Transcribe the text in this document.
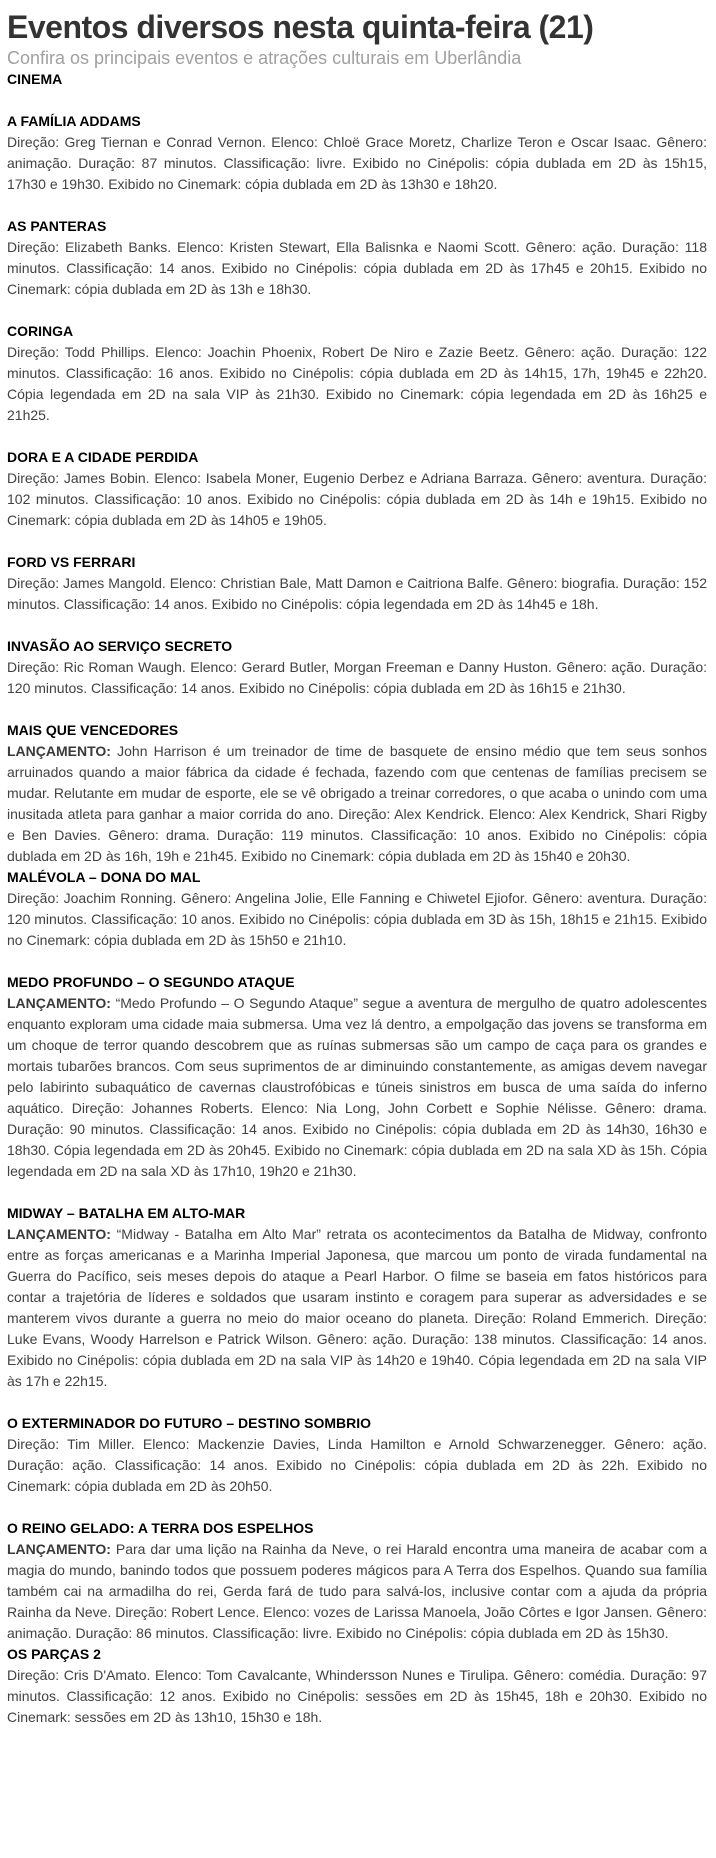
Eventos diversos nesta quinta-feira (21)

Confira os principais eventos e atrações culturais em Uberlândia

CINEMA
A FAMÍLIA ADDAMS

Direção: Greg Tiernan e Conrad Vernon. Elenco: Chloë Grace Moretz, Charlize Teron e Oscar Isaac. Gênero: animação. Duração: 87 minutos. Classificação: livre. Exibido no Cinépolis: cópia dublada em 2D às 15h15, 17h30 e 19h30. Exibido no Cinemark: cópia dublada em 2D às 13h30 e 18h20.

AS PANTERAS

Direção: Elizabeth Banks. Elenco: Kristen Stewart, Ella Balisnka e Naomi Scott. Gênero: ação. Duração: 118 minutos. Classificação: 14 anos. Exibido no Cinépolis: cópia dublada em 2D às 17h45 e 20h15. Exibido no Cinemark: cópia dublada em 2D às 13h e 18h30.

CORINGA

Direção: Todd Phillips. Elenco: Joachin Phoenix, Robert De Niro e Zazie Beetz. Gênero: ação. Duração: 122 minutos. Classificação: 16 anos. Exibido no Cinépolis: cópia dublada em 2D às 14h15, 17h, 19h45 e 22h20. Cópia legendada em 2D na sala VIP às 21h30. Exibido no Cinemark: cópia legendada em 2D às 16h25 e 21h25.

DORA E A CIDADE PERDIDA

Direção: James Bobin. Elenco: Isabela Moner, Eugenio Derbez e Adriana Barraza. Gênero: aventura. Duração: 102 minutos. Classificação: 10 anos. Exibido no Cinépolis: cópia dublada em 2D às 14h e 19h15. Exibido no Cinemark: cópia dublada em 2D às 14h05 e 19h05.

FORD VS FERRARI

Direção: James Mangold. Elenco: Christian Bale, Matt Damon e Caitriona Balfe. Gênero: biografia. Duração: 152 minutos. Classificação: 14 anos. Exibido no Cinépolis: cópia legendada em 2D às 14h45 e 18h.

INVASÃO AO SERVIÇO SECRETO

Direção: Ric Roman Waugh. Elenco: Gerard Butler, Morgan Freeman e Danny Huston. Gênero: ação. Duração: 120 minutos. Classificação: 14 anos. Exibido no Cinépolis: cópia dublada em 2D às 16h15 e 21h30.

MAIS QUE VENCEDORES

LANÇAMENTO: John Harrison é um treinador de time de basquete de ensino médio que tem seus sonhos arruinados quando a maior fábrica da cidade é fechada, fazendo com que centenas de famílias precisem se mudar. Relutante em mudar de esporte, ele se vê obrigado a treinar corredores, o que acaba o unindo com uma inusitada atleta para ganhar a maior corrida do ano. Direção: Alex Kendrick. Elenco: Alex Kendrick, Shari Rigby e Ben Davies. Gênero: drama. Duração: 119 minutos. Classificação: 10 anos. Exibido no Cinépolis: cópia dublada em 2D às 16h, 19h e 21h45. Exibido no Cinemark: cópia dublada em 2D às 15h40 e 20h30.

MALÉVOLA – DONA DO MAL

Direção: Joachim Ronning. Gênero: Angelina Jolie, Elle Fanning e Chiwetel Ejiofor. Gênero: aventura. Duração: 120 minutos. Classificação: 10 anos. Exibido no Cinépolis: cópia dublada em 3D às 15h, 18h15 e 21h15. Exibido no Cinemark: cópia dublada em 2D às 15h50 e 21h10.

MEDO PROFUNDO – O SEGUNDO ATAQUE

LANÇAMENTO: “Medo Profundo – O Segundo Ataque” segue a aventura de mergulho de quatro adolescentes enquanto exploram uma cidade maia submersa. Uma vez lá dentro, a empolgação das jovens se transforma em um choque de terror quando descobrem que as ruínas submersas são um campo de caça para os grandes e mortais tubarões brancos. Com seus suprimentos de ar diminuindo constantemente, as amigas devem navegar pelo labirinto subaquático de cavernas claustrofóbicas e túneis sinistros em busca de uma saída do inferno aquático. Direção: Johannes Roberts. Elenco: Nia Long, John Corbett e Sophie Nélisse. Gênero: drama. Duração: 90 minutos. Classificação: 14 anos. Exibido no Cinépolis: cópia dublada em 2D às 14h30, 16h30 e 18h30. Cópia legendada em 2D às 20h45. Exibido no Cinemark: cópia dublada em 2D na sala XD às 15h. Cópia legendada em 2D na sala XD às 17h10, 19h20 e 21h30.

MIDWAY – BATALHA EM ALTO-MAR

LANÇAMENTO: “Midway - Batalha em Alto Mar” retrata os acontecimentos da Batalha de Midway, confronto entre as forças americanas e a Marinha Imperial Japonesa, que marcou um ponto de virada fundamental na Guerra do Pacífico, seis meses depois do ataque a Pearl Harbor. O filme se baseia em fatos históricos para contar a trajetória de líderes e soldados que usaram instinto e coragem para superar as adversidades e se manterem vivos durante a guerra no meio do maior oceano do planeta. Direção: Roland Emmerich. Direção: Luke Evans, Woody Harrelson e Patrick Wilson. Gênero: ação. Duração: 138 minutos. Classificação: 14 anos. Exibido no Cinépolis: cópia dublada em 2D na sala VIP às 14h20 e 19h40. Cópia legendada em 2D na sala VIP às 17h e 22h15.

O EXTERMINADOR DO FUTURO – DESTINO SOMBRIO

Direção: Tim Miller. Elenco: Mackenzie Davies, Linda Hamilton e Arnold Schwarzenegger. Gênero: ação. Duração: ação. Classificação: 14 anos. Exibido no Cinépolis: cópia dublada em 2D às 22h. Exibido no Cinemark: cópia dublada em 2D às 20h50.

O REINO GELADO: A TERRA DOS ESPELHOS

LANÇAMENTO: Para dar uma lição na Rainha da Neve, o rei Harald encontra uma maneira de acabar com a magia do mundo, banindo todos que possuem poderes mágicos para A Terra dos Espelhos. Quando sua família também cai na armadilha do rei, Gerda fará de tudo para salvá-los, inclusive contar com a ajuda da própria Rainha da Neve. Direção: Robert Lence. Elenco: vozes de Larissa Manoela, João Côrtes e Igor Jansen. Gênero: animação. Duração: 86 minutos. Classificação: livre. Exibido no Cinépolis: cópia dublada em 2D às 15h30.

OS PARÇAS 2

Direção: Cris D'Amato. Elenco: Tom Cavalcante, Whindersson Nunes e Tirulipa. Gênero: comédia. Duração: 97 minutos. Classificação: 12 anos. Exibido no Cinépolis: sessões em 2D às 15h45, 18h e 20h30. Exibido no Cinemark: sessões em 2D às 13h10, 15h30 e 18h.
